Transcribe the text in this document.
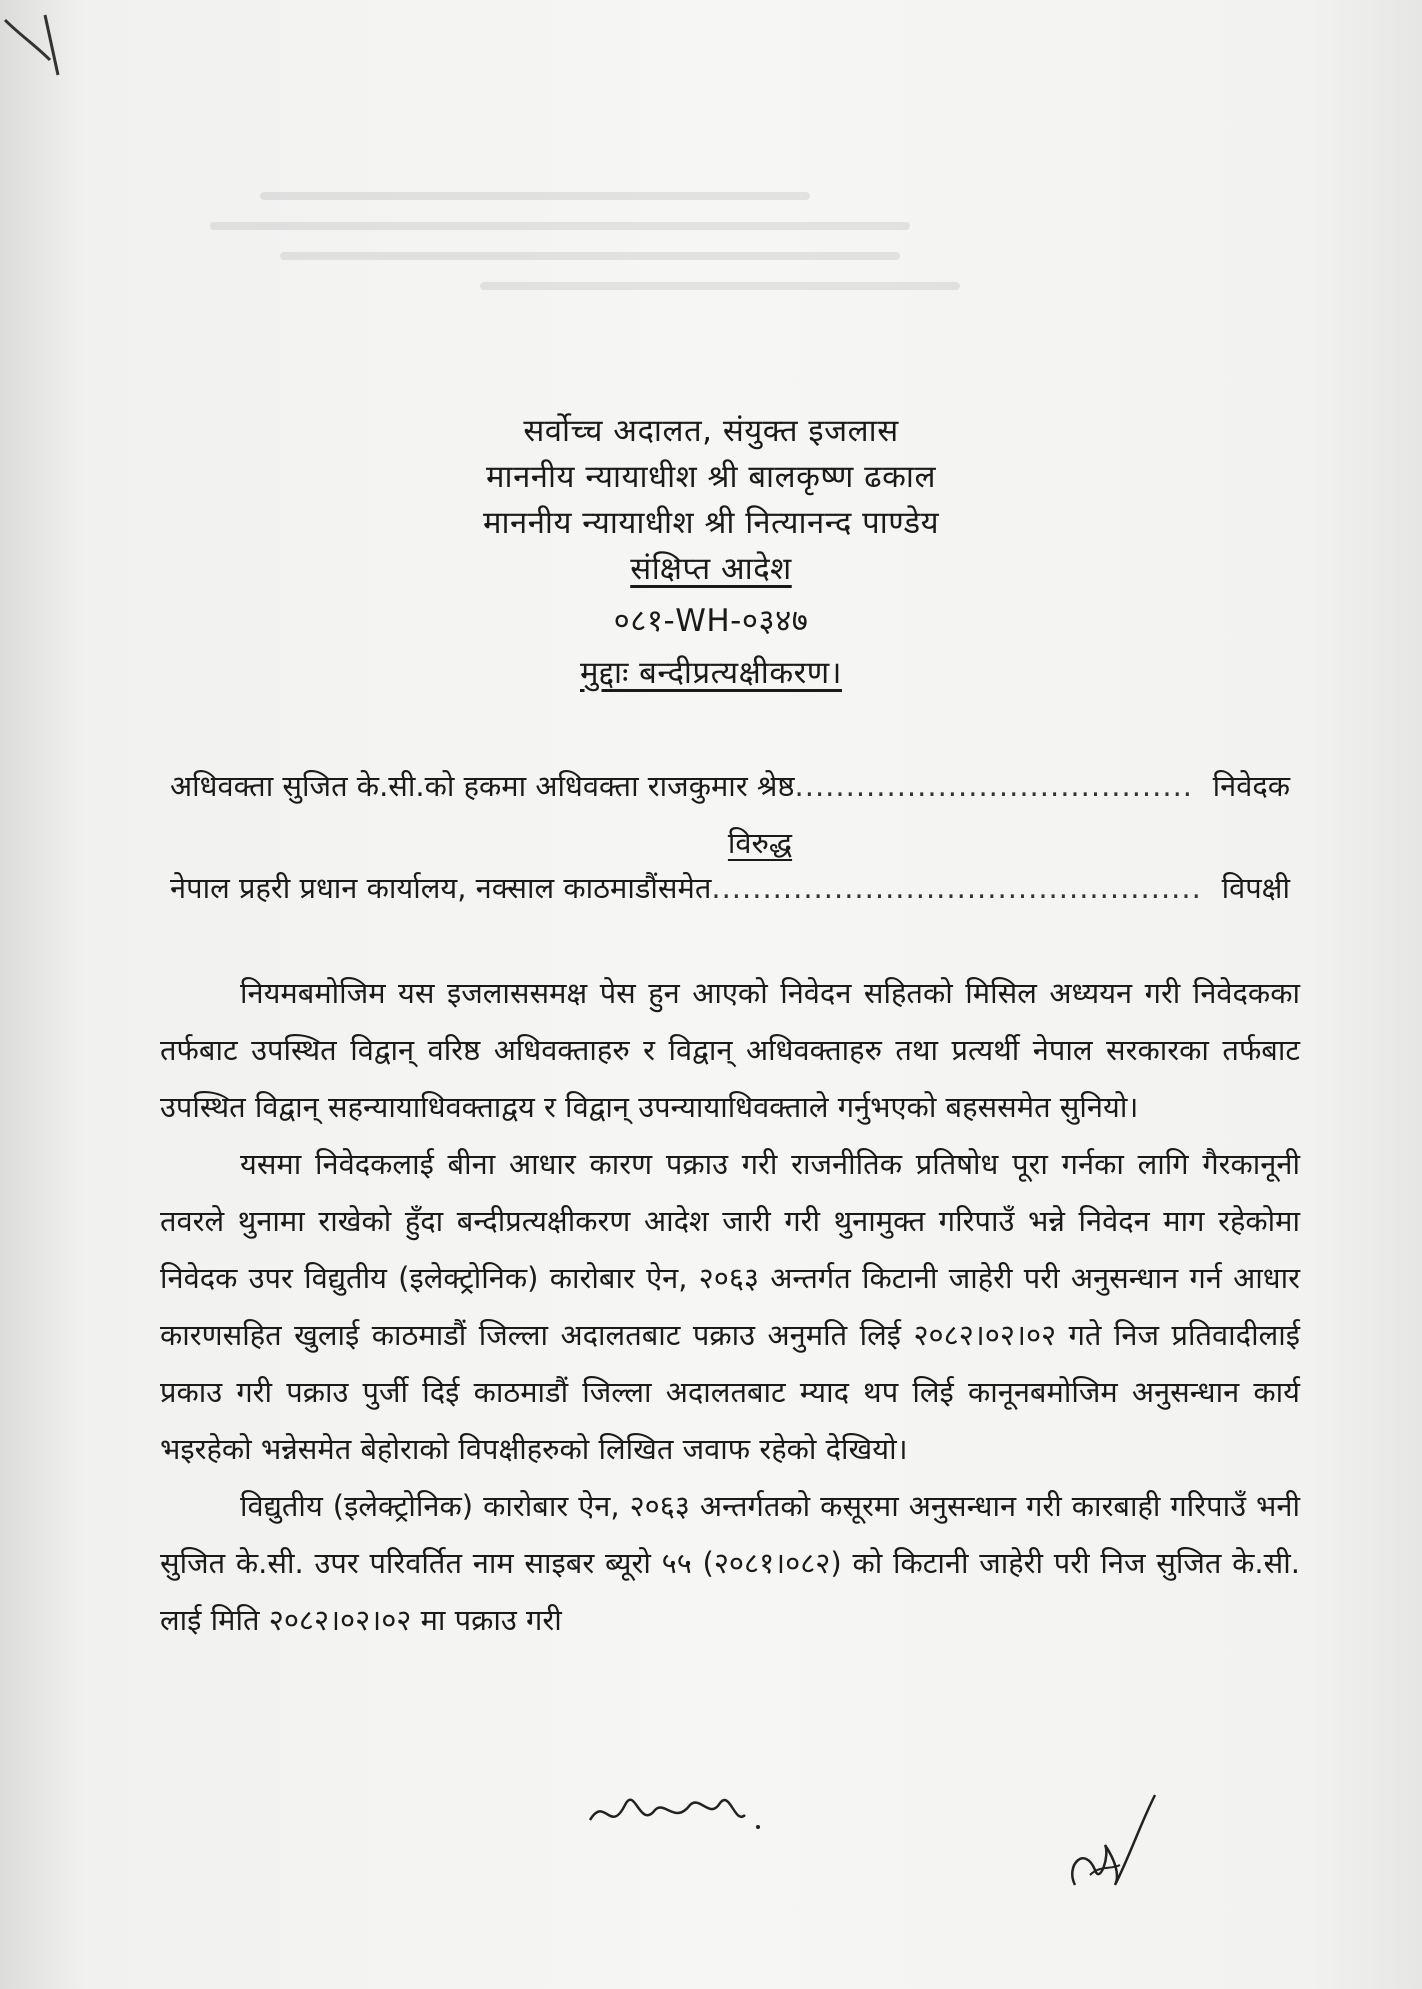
सर्वोच्च अदालत, संयुक्त इजलास
माननीय न्यायाधीश श्री बालकृष्ण ढकाल
माननीय न्यायाधीश श्री नित्यानन्द पाण्डेय
संक्षिप्त आदेश
०८१-WH-०३४७
मुद्दाः बन्दीप्रत्यक्षीकरण।
अधिवक्ता सुजित के.सी.को हकमा अधिवक्ता राजकुमार श्रेष्ठ .....	निवेदक
विरुद्ध
नेपाल प्रहरी प्रधान कार्यालय, नक्साल काठमाडौंसमेत .....	विपक्षी

नियमबमोजिम यस इजलाससमक्ष पेस हुन आएको निवेदन सहितको मिसिल अध्ययन गरी निवेदकका तर्फबाट उपस्थित विद्वान् वरिष्ठ अधिवक्ताहरु र विद्वान् अधिवक्ताहरु तथा प्रत्यर्थी नेपाल सरकारका तर्फबाट उपस्थित विद्वान् सहन्यायाधिवक्ताद्वय र विद्वान् उपन्यायाधिवक्ताले गर्नुभएको बहससमेत सुनियो।

यसमा निवेदकलाई बीना आधार कारण पक्राउ गरी राजनीतिक प्रतिषोध पूरा गर्नका लागि गैरकानूनी तवरले थुनामा राखेको हुँदा बन्दीप्रत्यक्षीकरण आदेश जारी गरी थुनामुक्त गरिपाउँ भन्ने निवेदन माग रहेकोमा निवेदक उपर विद्युतीय (इलेक्ट्रोनिक) कारोबार ऐन, २०६३ अन्तर्गत किटानी जाहेरी परी अनुसन्धान गर्न आधार कारणसहित खुलाई काठमाडौं जिल्ला अदालतबाट पक्राउ अनुमति लिई २०८२।०२।०२ गते निज प्रतिवादीलाई प्रकाउ गरी पक्राउ पुर्जी दिई काठमाडौं जिल्ला अदालतबाट म्याद थप लिई कानूनबमोजिम अनुसन्धान कार्य भइरहेको भन्नेसमेत बेहोराको विपक्षीहरुको लिखित जवाफ रहेको देखियो।

विद्युतीय (इलेक्ट्रोनिक) कारोबार ऐन, २०६३ अन्तर्गतको कसूरमा अनुसन्धान गरी कारबाही गरिपाउँ भनी सुजित के.सी. उपर परिवर्तित नाम साइबर ब्यूरो ५५ (२०८१।०८२) को किटानी जाहेरी परी निज सुजित के.सी. लाई मिति २०८२।०२।०२ मा पक्राउ गरी
